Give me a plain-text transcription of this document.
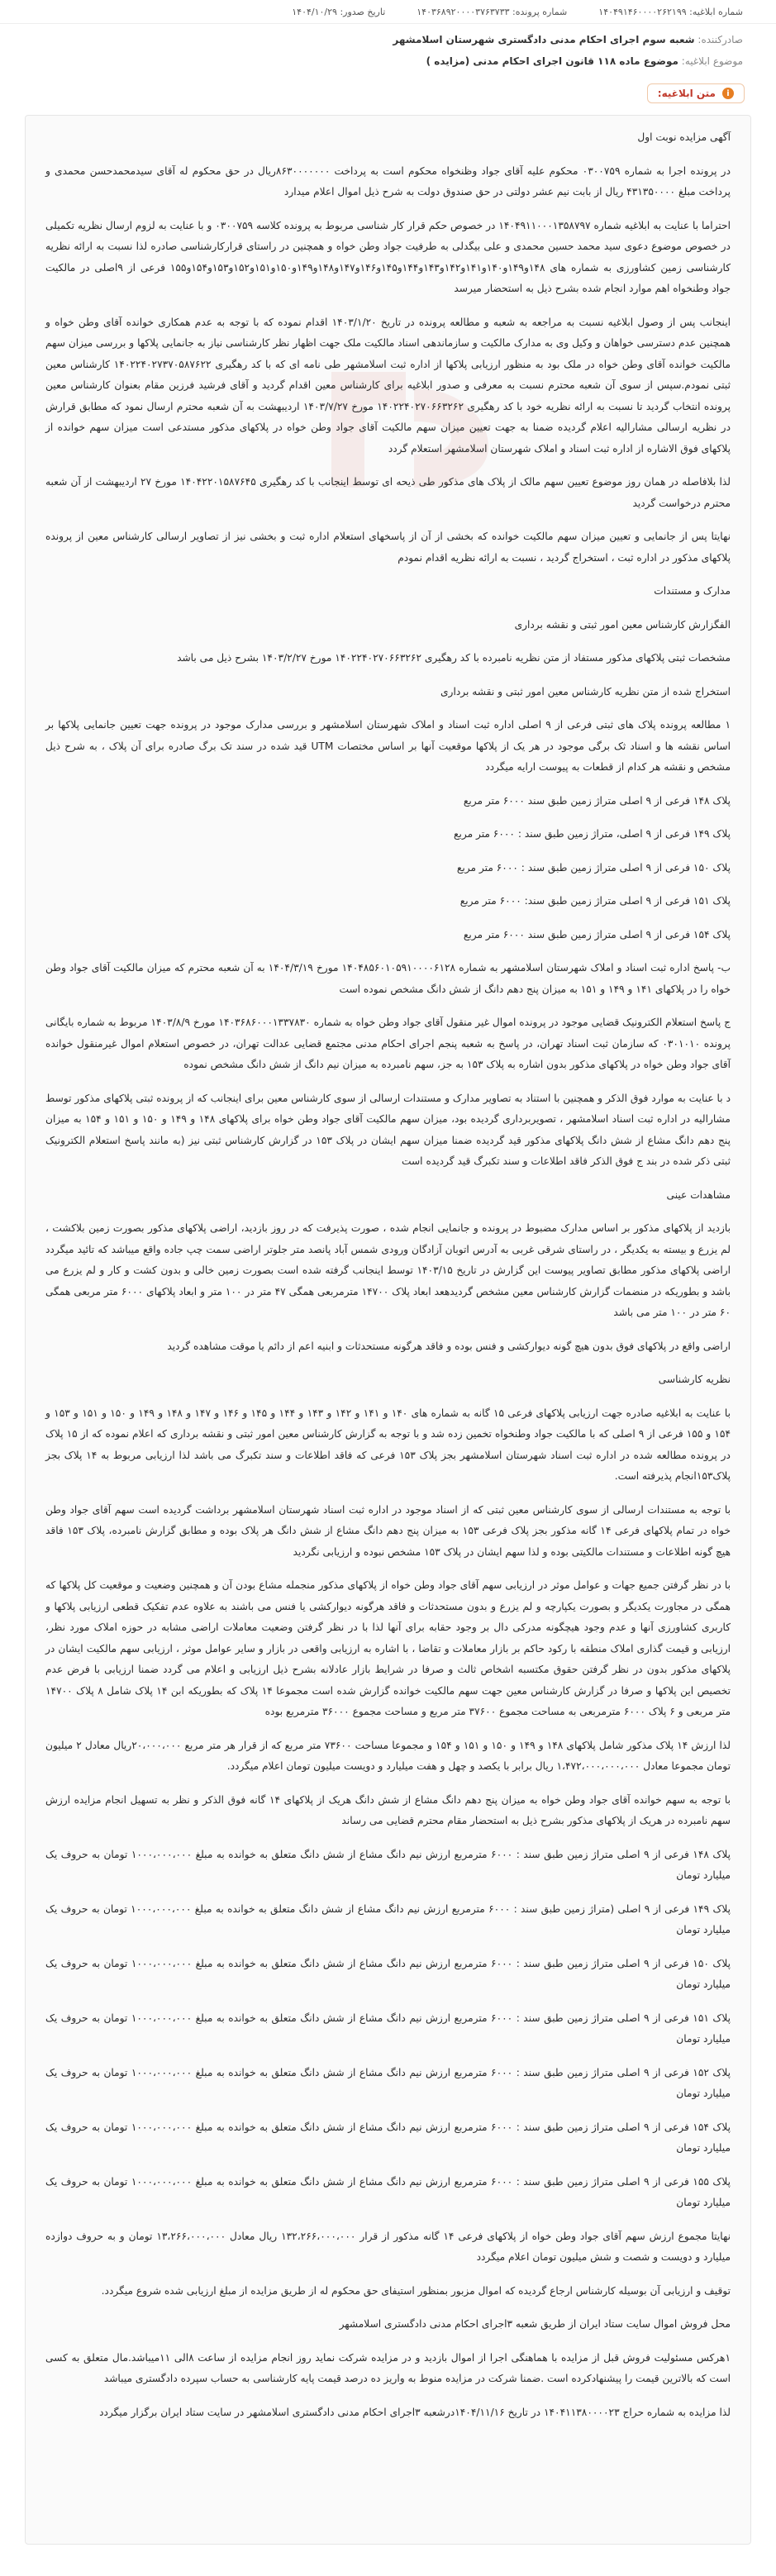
شماره ابلاغیه: ۱۴۰۴۹۱۴۶۰۰۰۰۲۶۲۱۹۹
شماره پرونده: ۱۴۰۳۶۸۹۲۰۰۰۰۳۷۶۳۷۳۳
تاریخ صدور: ۱۴۰۴/۱۰/۲۹
صادرکننده: شعبه سوم اجرای احکام مدنی دادگستری شهرستان اسلامشهر
موضوع ابلاغیه: موضوع ماده ۱۱۸ قانون اجرای احکام مدنی (مزایده )
i
متن ابلاغیه:

آگهی مزایده نوبت اول

در پرونده اجرا به شماره ۰۳۰۰۷۵۹ محکوم علیه آقای جواد وظنخواه محکوم است به پرداخت ۸۶۳۰۰۰۰۰۰۰ریال در حق محکوم له آقای سیدمحمدحسن محمدی و پرداخت مبلغ ۴۳۱۳۵۰۰۰۰ ریال از بابت نیم عشر دولتی در حق صندوق دولت به شرح ذیل اموال اعلام میدارد

احتراما با عنایت به ابلاغیه شماره ۱۴۰۴۹۱۱۰۰۰۱۳۵۸۷۹۷ در خصوص حکم قرار کار شناسی مربوط به پرونده کلاسه ۰۳۰۰۷۵۹ و با عنایت به لزوم ارسال نظریه تکمیلی در خصوص موضوع دعوی سید محمد حسین محمدی و علی بیگدلی به طرفیت جواد وطن خواه و همچنین در راستای قرارکارشناسی صادره لذا نسبت به ارائه نظریه کارشناسی زمین کشاورزی به شماره های ۱۴۸و۱۴۹و۱۴۰و۱۴۱و۱۴۲و۱۴۳و۱۴۴و۱۴۵و۱۴۶و۱۴۷و۱۴۸و۱۴۹و۱۵۰و۱۵۱و۱۵۲و۱۵۳و۱۵۴و۱۵۵ فرعی از ۹اصلی در مالکیت جواد وطنخواه اهم موارد انجام شده بشرح ذیل به استحضار میرسد

اینجانب پس از وصول ابلاغیه نسبت به مراجعه به شعبه و مطالعه پرونده در تاریخ ۱۴۰۳/۱/۲۰ اقدام نموده که با توجه به عدم همکاری خوانده آقای وطن خواه و همچنین عدم دسترسی خواهان و وکیل وی به مدارک مالکیت و سازماندهی اسناد مالکیت ملک جهت اظهار نظر کارشناسی نیاز به جانمایی پلاکها و بررسی میزان سهم مالکیت خوانده آقای وطن خواه در ملک بود به منظور ارزیابی پلاکها از اداره ثبت اسلامشهر طی نامه ای که با کد رهگیری ۱۴۰۲۲۴۰۲۷۳۷۰۵۸۷۶۲۲ کارشناس معین ثبتی نمودم.سپس از سوی آن شعبه محترم نسبت به معرفی و صدور ابلاغیه برای کارشناس معین اقدام گردید و آقای فرشید فرزین مقام بعنوان کارشناس معین پرونده انتخاب گردید تا نسبت به ارائه نظریه خود با کد رهگیری ۱۴۰۲۲۴۰۲۷۰۶۶۳۲۶۲ مورخ ۱۴۰۳/۷/۲۷ اردیبهشت به آن شعبه محترم ارسال نمود که مطابق قرارش در نظریه ارسالی مشارالیه اعلام گردیده ضمنا به جهت تعیین میزان سهم مالکیت آقای جواد وطن خواه در پلاکهای مذکور مستدعی است میزان سهم خوانده از پلاکهای فوق الاشاره از اداره ثبت اسناد و املاک شهرستان اسلامشهر استعلام گردد

لذا بلافاصله در همان روز موضوع تعیین سهم مالک از پلاک های مذکور طی ذیحه ای توسط اینجانب با کد رهگیری ۱۴۰۴۲۲۰۱۵۸۷۶۴۵ مورخ ۲۷ اردیبهشت از آن شعبه محترم درخواست گردید

نهایتا پس از جانمایی و تعیین میزان سهم مالکیت خوانده که بخشی از آن از پاسخهای استعلام اداره ثبت و بخشی نیز از تصاویر ارسالی کارشناس معین از پرونده پلاکهای مذکور در اداره ثبت ، استخراج گردید ، نسبت به ارائه نظریه اقدام نمودم

مدارک و مستندات

الفگزارش کارشناس معین امور ثبتی و نقشه برداری

مشخصات ثبتی پلاکهای مذکور مستفاد از متن نظریه نامبرده با کد رهگیری ۱۴۰۲۲۴۰۲۷۰۶۶۳۲۶۲ مورخ ۱۴۰۳/۲/۲۷ بشرح ذیل می باشد

استخراج شده از متن نظریه کارشناس معین امور ثبتی و نقشه برداری

۱ مطالعه پرونده پلاک های ثبتی فرعی از ۹ اصلی اداره ثبت اسناد و املاک شهرستان اسلامشهر و بررسی مدارک موجود در پرونده جهت تعیین جانمایی پلاکها بر اساس نقشه ها و اسناد ثک برگی موجود در هر یک از پلاکها موقعیت آنها بر اساس مختصات UTM قید شده در سند تک برگ صادره برای آن پلاک ، به شرح ذیل مشخص و نقشه هر کدام از قطعات به پیوست ارایه میگردد

پلاک ۱۴۸ فرعی از ۹ اصلی متراژ زمین طبق سند ۶۰۰۰ متر مربع

پلاک ۱۴۹ فرعی از ۹ اصلی، متراژ زمین طبق سند : ۶۰۰۰ متر مربع

پلاک ۱۵۰ فرعی از ۹ اصلی متراژ زمین طبق سند : ۶۰۰۰ متر مربع

پلاک ۱۵۱ فرعی از ۹ اصلی متراژ زمین طبق سند: ۶۰۰۰ متر مربع

پلاک ۱۵۴ فرعی از ۹ اصلی متراژ زمین طبق سند ۶۰۰۰ متر مربع

ب- پاسخ اداره ثبت اسناد و املاک شهرستان اسلامشهر به شماره ۱۴۰۴۸۵۶۰۱۰۵۹۱۰۰۰۰۶۱۲۸ مورخ ۱۴۰۴/۳/۱۹ به آن شعبه محترم که میزان مالکیت آقای جواد وطن خواه را در پلاکهای ۱۴۱ و ۱۴۹ و ۱۵۱ به میزان پنج دهم دانگ از شش دانگ مشخص نموده است

ج پاسخ استعلام الکترونیک قضایی موجود در پرونده اموال غیر منقول آقای جواد وطن خواه به شماره ۱۴۰۳۶۸۶۰۰۰۱۳۳۷۸۳۰ مورخ ۱۴۰۳/۸/۹ مربوط به شماره بایگانی پرونده ۰۳۰۱۰۱۰ که سازمان ثبت اسناد تهران، در پاسخ به شعبه پنجم اجرای احکام مدنی مجتمع قضایی عدالت تهران، در خصوص استعلام اموال غیرمنقول خوانده آقای جواد وطن خواه در پلاکهای مذکور بدون اشاره به پلاک ۱۵۳ به جز، سهم نامبرده به میزان نیم دانگ از شش دانگ مشخص نموده

د با عنایت به موارد فوق الذکر و همچنین با استناد به تصاویر مدارک و مستندات ارسالی از سوی کارشناس معین برای اینجانب که از پرونده ثبتی پلاکهای مذکور توسط مشارالیه در اداره ثبت اسناد اسلامشهر ، تصویربرداری گردیده بود، میزان سهم مالکیت آقای جواد وطن خواه برای پلاکهای ۱۴۸ و ۱۴۹ و ۱۵۰ و ۱۵۱ و ۱۵۴ به میزان پنج دهم دانگ مشاع از شش دانگ پلاکهای مذکور قید گردیده ضمنا میزان سهم ایشان در پلاک ۱۵۳ در گزارش کارشناس ثبتی نیز (به مانند پاسخ استعلام الکترونیک ثبتی ذکر شده در بند ج فوق الذکر فاقد اطلاعات و سند تکبرگ قید گردیده است

مشاهدات عینی

بازدید از پلاکهای مذکور بر اساس مدارک مضبوط در پرونده و جانمایی انجام شده ، صورت پذیرفت که در روز بازدید، اراضی پلاکهای مذکور بصورت زمین بلاکشت ، لم یزرع و بیسته به یکدیگر ، در راستای شرقی غربی به آدرس اتوبان آزادگان ورودی شمس آباد پانصد متر جلوتر اراضی سمت چپ جاده واقع میباشد که تائید میگردد اراضی پلاکهای مذکور مطابق تصاویر پیوست این گزارش در تاریخ ۱۴۰۳/۱۵ توسط اینجانب گرفته شده است بصورت زمین خالی و بدون کشت و کار و لم یزرع می باشد و بطوریکه در منضمات گزارش کارشناس معین مشخص گردیدهعد ابعاد پلاک ۱۴۷۰۰ مترمربعی همگی ۴۷ متر در ۱۰۰ متر و ابعاد پلاکهای ۶۰۰۰ متر مربعی همگی ۶۰ متر در ۱۰۰ متر می باشد

اراضی واقع در پلاکهای فوق بدون هیچ گونه دیوارکشی و فنس بوده و فاقد هرگونه مستحدثات و ابنیه اعم از دائم یا موقت مشاهده گردید

نظریه کارشناسی

با عنایت به ابلاغیه صادره جهت ارزیابی پلاکهای فرعی ۱۵ گانه به شماره های ۱۴۰ و ۱۴۱ و ۱۴۲ و ۱۴۳ و ۱۴۴ و ۱۴۵ و ۱۴۶ و ۱۴۷ و ۱۴۸ و ۱۴۹ و ۱۵۰ و ۱۵۱ و ۱۵۳ و ۱۵۴ و ۱۵۵ فرعی از ۹ اصلی که با مالکیت جواد وطنخواه تخمین زده شد و با توجه به گزارش کارشناس معین امور ثبتی و نقشه برداری که اعلام نموده که از ۱۵ پلاک در پرونده مطالعه شده در اداره ثبت اسناد شهرستان اسلامشهر بجز پلاک ۱۵۳ فرعی که فاقد اطلاعات و سند تکبرگ می باشد لذا ارزیابی مربوط به ۱۴ پلاک بجز پلاک۱۵۳انجام پذیرفته است.

با توجه به مستندات ارسالی از سوی کارشناس معین ثبتی که از اسناد موجود در اداره ثبت اسناد شهرستان اسلامشهر برداشت گردیده است سهم آقای جواد وطن خواه در تمام پلاکهای فرعی ۱۴ گانه مذکور بجز پلاک فرعی ۱۵۳ به میزان پنج دهم دانگ مشاع از شش دانگ هر پلاک بوده و مطابق گزارش نامبرده، پلاک ۱۵۳ فاقد هیچ گونه اطلاعات و مستندات مالکیتی بوده و لذا سهم ایشان در پلاک ۱۵۳ مشخص نبوده و ارزیابی نگردید

با در نظر گرفتن جمیع جهات و عوامل موثر در ارزیابی سهم آقای جواد وطن خواه از پلاکهای مذکور منجمله مشاع بودن آن و همچنین وضعیت و موقعیت کل پلاکها که همگی در مجاورت یکدیگر و بصورت یکپارچه و لم یزرع و بدون مستحدثات و فاقد هرگونه دیوارکشی یا فنس می باشند به علاوه عدم تفکیک قطعی ارزیابی پلاکها و کاربری کشاورزی آنها و عدم وجود هیچگونه مدرکی دال بر وجود حقابه برای آنها لذا با در نظر گرفتن وضعیت معاملات اراضی مشابه در حوزه املاک مورد نظر، ارزیابی و قیمت گذاری املاک منطقه با رکود حاکم بر بازار معاملات و تقاضا ، با اشاره به ارزیابی واقعی در بازار و سایر عوامل موثر ، ارزیابی سهم مالکیت ایشان در پلاکهای مذکور بدون در نظر گرفتن حقوق مکتسبه اشخاص ثالث و صرفا در شرایط بازار عادلانه بشرح ذیل ارزیابی و اعلام می گردد ضمنا ارزیابی با فرض عدم تخصیص این پلاکها و صرفا در گزارش کارشناس معین جهت سهم مالکیت خوانده گزارش شده است مجموعا ۱۴ پلاک که بطوریکه ابن ۱۴ پلاک شامل ۸ پلاک ۱۴۷۰۰ متر مربعی و ۶ پلاک ۶۰۰۰ مترمربعی به مساحت مجموع ۳۷۶۰۰ متر مربع و مساحت مجموع ۳۶۰۰۰ مترمربع بوده

لذا ارزش ۱۴ پلاک مذکور شامل پلاکهای ۱۴۸ و ۱۴۹ و ۱۵۰ و ۱۵۱ و ۱۵۴ و مجموعا مساحت ۷۳۶۰۰ متر مربع که از قرار هر متر مربع ۲۰،۰۰۰،۰۰۰ریال معادل ۲ میلیون تومان مجموعا معادل ۱،۴۷۲،۰۰۰،۰۰۰،۰۰۰ ریال برابر با یکصد و چهل و هفت میلیارد و دویست میلیون تومان اعلام میگردد.

با توجه به سهم خوانده آقای جواد وطن خواه به میزان پنج دهم دانگ مشاع از شش دانگ هریک از پلاکهای ۱۴ گانه فوق الذکر و نظر به تسهیل انجام مزایده ارزش سهم نامبرده در هریک از پلاکهای مذکور بشرح ذیل به استحضار مقام محترم قضایی می رساند

پلاک ۱۴۸ فرعی از ۹ اصلی متراژ زمین طبق سند : ۶۰۰۰ مترمربع ارزش نیم دانگ مشاع از شش دانگ متعلق به خوانده به مبلغ ۱۰۰۰،۰۰۰،۰۰۰ تومان به حروف یک میلیارد تومان

پلاک ۱۴۹ فرعی از ۹ اصلی (متراژ زمین طبق سند : ۶۰۰۰ مترمربع ارزش نیم دانگ مشاع از شش دانگ متعلق به خوانده به مبلغ ۱۰۰۰،۰۰۰،۰۰۰ تومان به حروف یک میلیارد تومان

پلاک ۱۵۰ فرعی از ۹ اصلی متراژ زمین طبق سند : ۶۰۰۰ مترمربع ارزش نیم دانگ مشاع از شش دانگ متعلق به خوانده به مبلغ ۱۰۰۰،۰۰۰،۰۰۰ تومان به حروف یک میلیارد تومان

پلاک ۱۵۱ فرعی از ۹ اصلی متراژ زمین طبق سند : ۶۰۰۰ مترمربع ارزش نیم دانگ مشاع از شش دانگ متعلق به خوانده به مبلغ ۱۰۰۰،۰۰۰،۰۰۰ تومان به حروف یک میلیارد تومان

پلاک ۱۵۲ فرعی از ۹ اصلی متراژ زمین طبق سند : ۶۰۰۰ مترمربع ارزش نیم دانگ مشاع از شش دانگ متعلق به خوانده به مبلغ ۱۰۰۰،۰۰۰،۰۰۰ تومان به حروف یک میلیارد تومان

پلاک ۱۵۴ فرعی از ۹ اصلی متراژ زمین طبق سند : ۶۰۰۰ مترمربع ارزش نیم دانگ مشاع از شش دانگ متعلق به خوانده به مبلغ ۱۰۰۰،۰۰۰،۰۰۰ تومان به حروف یک میلیارد تومان

پلاک ۱۵۵ فرعی از ۹ اصلی متراژ زمین طبق سند : ۶۰۰۰ مترمربع ارزش نیم دانگ مشاع از شش دانگ متعلق به خوانده به مبلغ ۱۰۰۰،۰۰۰،۰۰۰ تومان به حروف یک میلیارد تومان

نهایتا مجموع ارزش سهم آقای جواد وطن خواه از پلاکهای فرعی ۱۴ گانه مذکور از قرار ۱۳۲،۲۶۶،۰۰۰،۰۰۰ ریال معادل ۱۳،۲۶۶،۰۰۰،۰۰۰ تومان و به حروف دوازده میلیارد و دویست و شصت و شش میلیون تومان اعلام میگردد

توقیف و ارزیابی آن بوسیله کارشناس ارجاع گردیده که اموال مزبور بمنظور استیفای حق محکوم له از طریق مزایده از مبلغ ارزیابی شده شروع میگردد.

محل فروش اموال سایت ستاد ایران از طریق شعبه ۳اجرای احکام مدنی دادگستری اسلامشهر

۱هرکس مسئولیت فروش قبل از مزایده با هماهنگی اجرا از اموال بازدید و در مزایده شرکت نماید روز انجام مزایده از ساعت ۸الی ۱۱میباشد.مال متعلق به کسی است که بالاترین قیمت را پیشنهادکرده است .ضمنا شرکت در مزایده منوط به واریز ده درصد قیمت پایه کارشناسی به حساب سپرده دادگستری میباشد

لذا مزایده به شماره حراج ۱۴۰۴۱۱۳۸۰۰۰۰۲۳ در تاریخ ۱۴۰۴/۱۱/۱۶درشعبه ۳اجرای احکام مدنی دادگستری اسلامشهر در سایت ستاد ایران برگزار میگردد
